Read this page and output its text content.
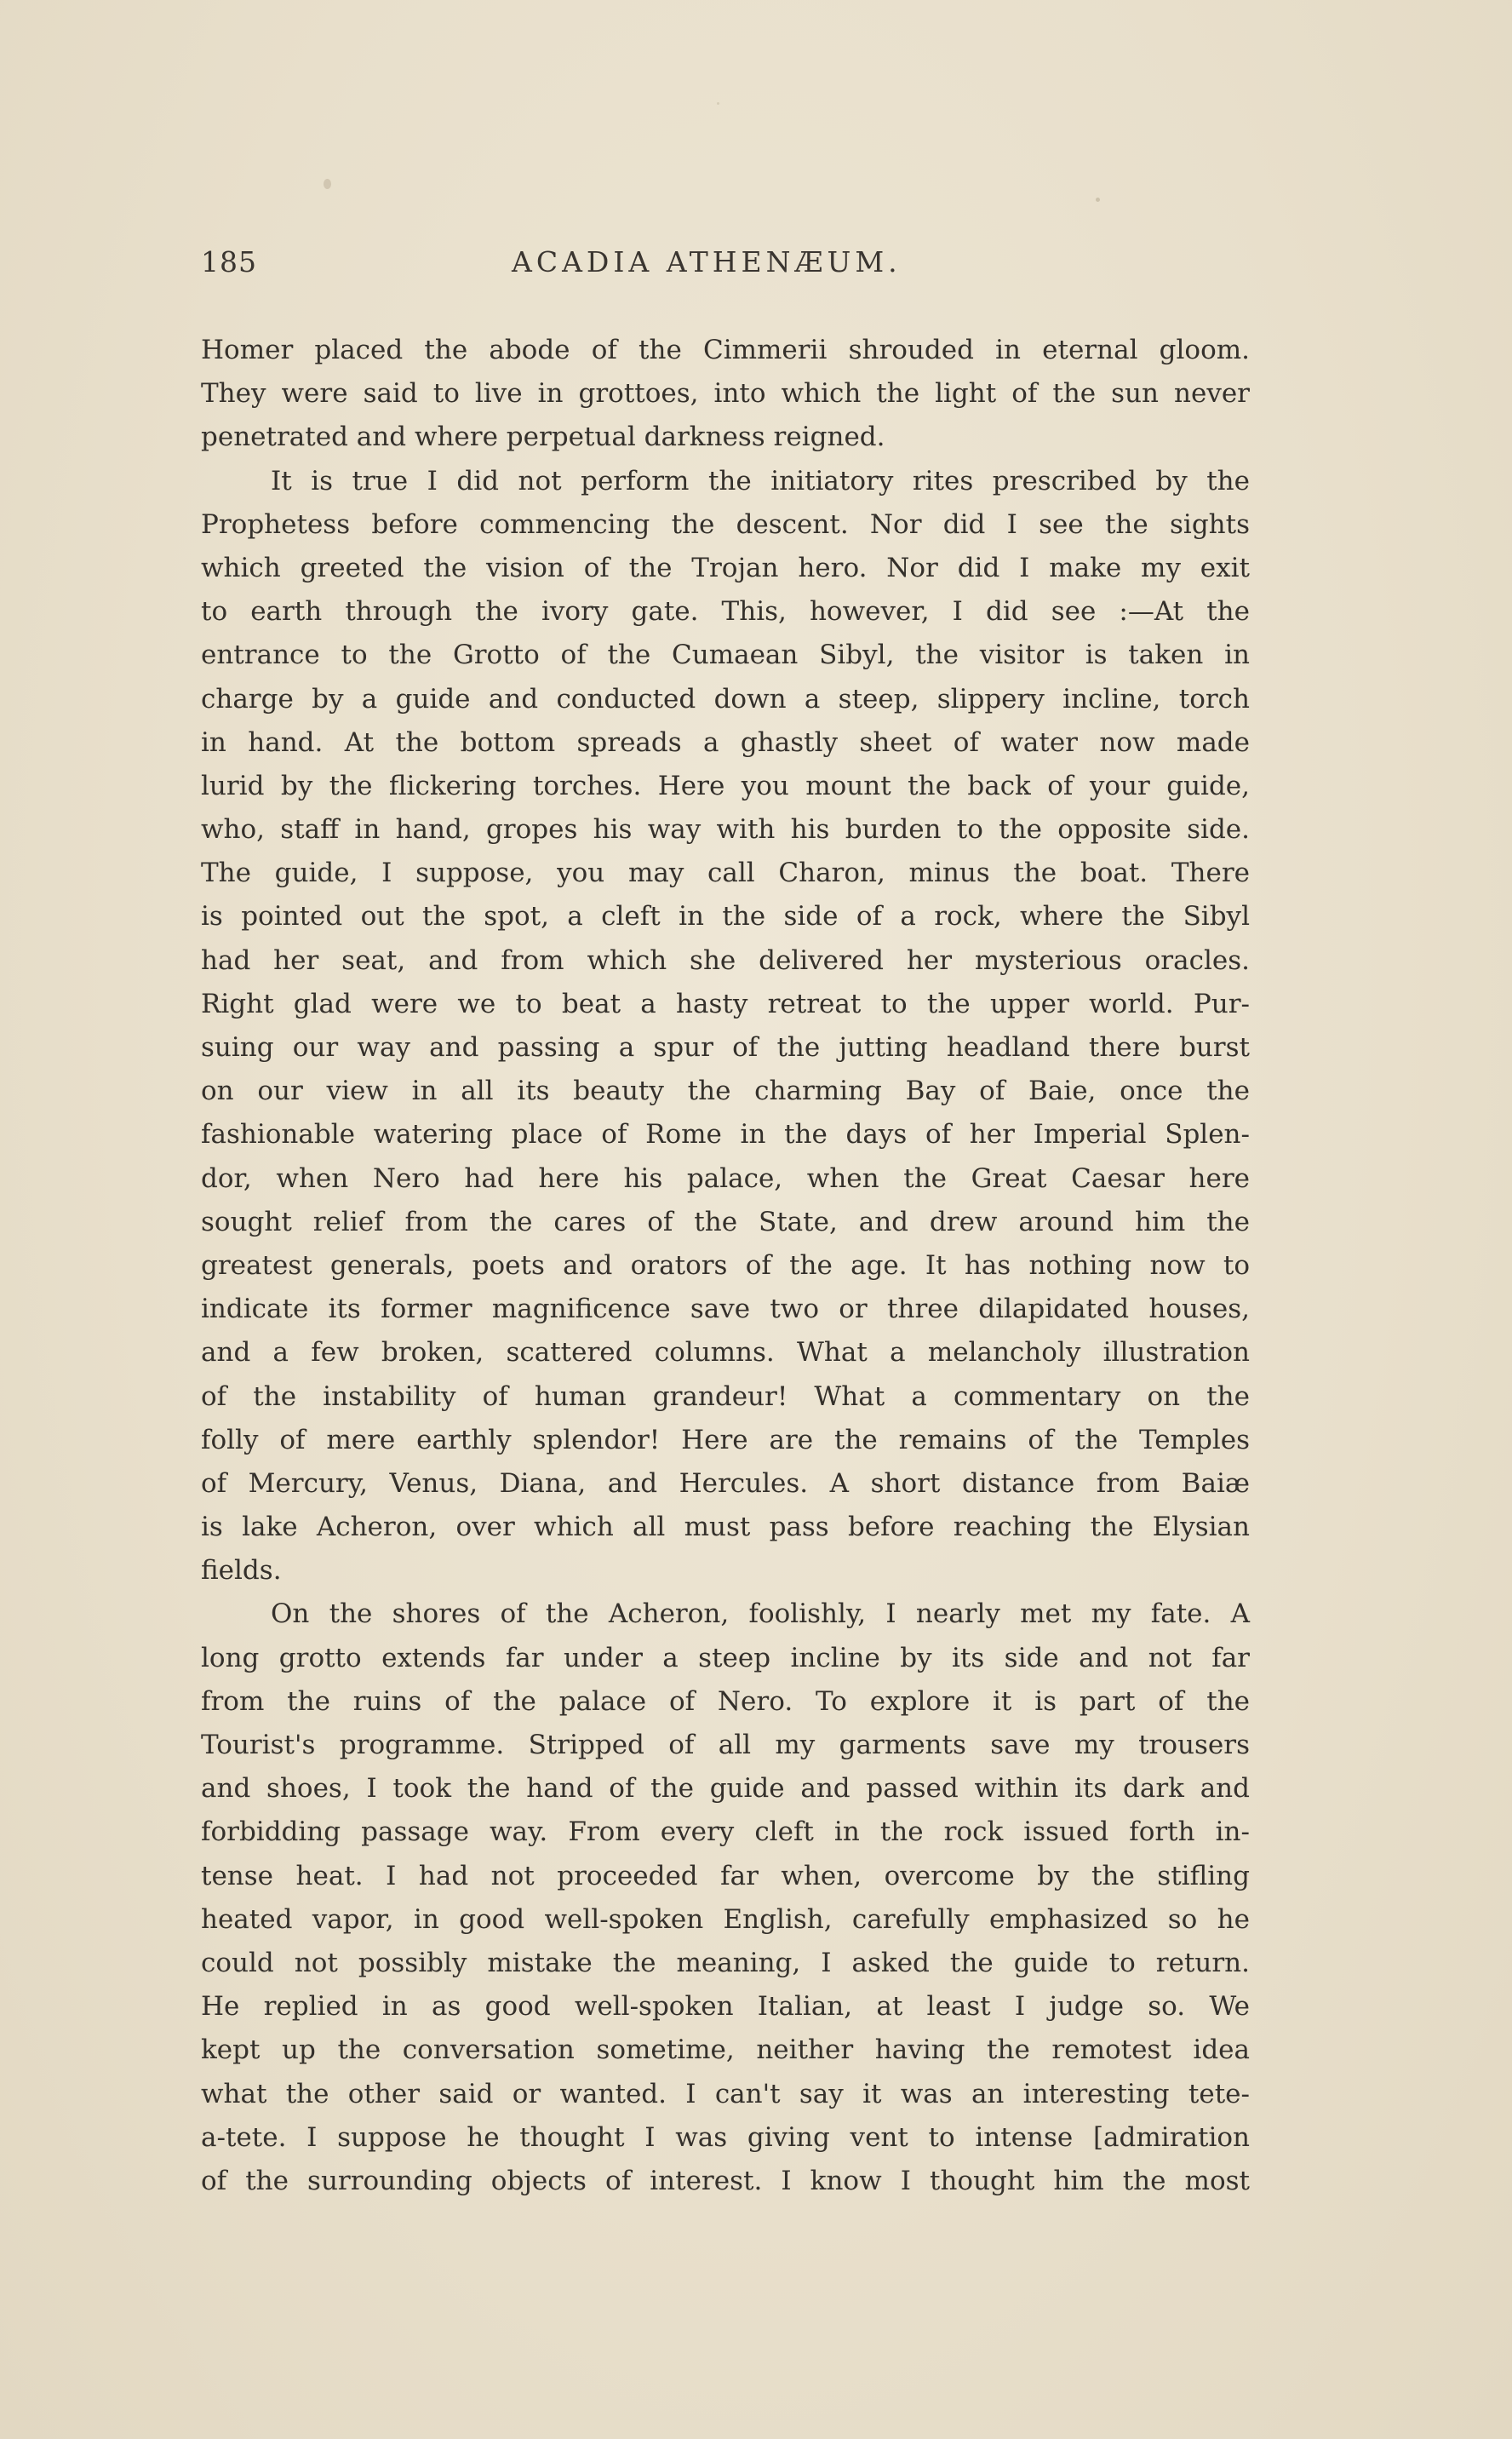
185	ACADIA ATHENÆUM.
Homer placed the abode of the Cimmerii shrouded in eternal gloom.
They were said to live in grottoes, into which the light of the sun never
penetrated and where perpetual darkness reigned.
It is true I did not perform the initiatory rites prescribed by the
Prophetess before commencing the descent. Nor did I see the sights
which greeted the vision of the Trojan hero. Nor did I make my exit
to earth through the ivory gate. This, however, I did see :—At the
entrance to the Grotto of the Cumaean Sibyl, the visitor is taken in
charge by a guide and conducted down a steep, slippery incline, torch
in hand. At the bottom spreads a ghastly sheet of water now made
lurid by the flickering torches. Here you mount the back of your guide,
who, staff in hand, gropes his way with his burden to the opposite side.
The guide, I suppose, you may call Charon, minus the boat. There
is pointed out the spot, a cleft in the side of a rock, where the Sibyl
had her seat, and from which she delivered her mysterious oracles.
Right glad were we to beat a hasty retreat to the upper world. Pur-
suing our way and passing a spur of the jutting headland there burst
on our view in all its beauty the charming Bay of Baie, once the
fashionable watering place of Rome in the days of her Imperial Splen-
dor, when Nero had here his palace, when the Great Caesar here
sought relief from the cares of the State, and drew around him the
greatest generals, poets and orators of the age. It has nothing now to
indicate its former magnificence save two or three dilapidated houses,
and a few broken, scattered columns. What a melancholy illustration
of the instability of human grandeur! What a commentary on the
folly of mere earthly splendor! Here are the remains of the Temples
of Mercury, Venus, Diana, and Hercules. A short distance from Baiæ
is lake Acheron, over which all must pass before reaching the Elysian
fields.
On the shores of the Acheron, foolishly, I nearly met my fate. A
long grotto extends far under a steep incline by its side and not far
from the ruins of the palace of Nero. To explore it is part of the
Tourist's programme. Stripped of all my garments save my trousers
and shoes, I took the hand of the guide and passed within its dark and
forbidding passage way. From every cleft in the rock issued forth in-
tense heat. I had not proceeded far when, overcome by the stifling
heated vapor, in good well-spoken English, carefully emphasized so he
could not possibly mistake the meaning, I asked the guide to return.
He replied in as good well-spoken Italian, at least I judge so. We
kept up the conversation sometime, neither having the remotest idea
what the other said or wanted. I can't say it was an interesting tete-
a-tete. I suppose he thought I was giving vent to intense [admiration
of the surrounding objects of interest. I know I thought him the most
